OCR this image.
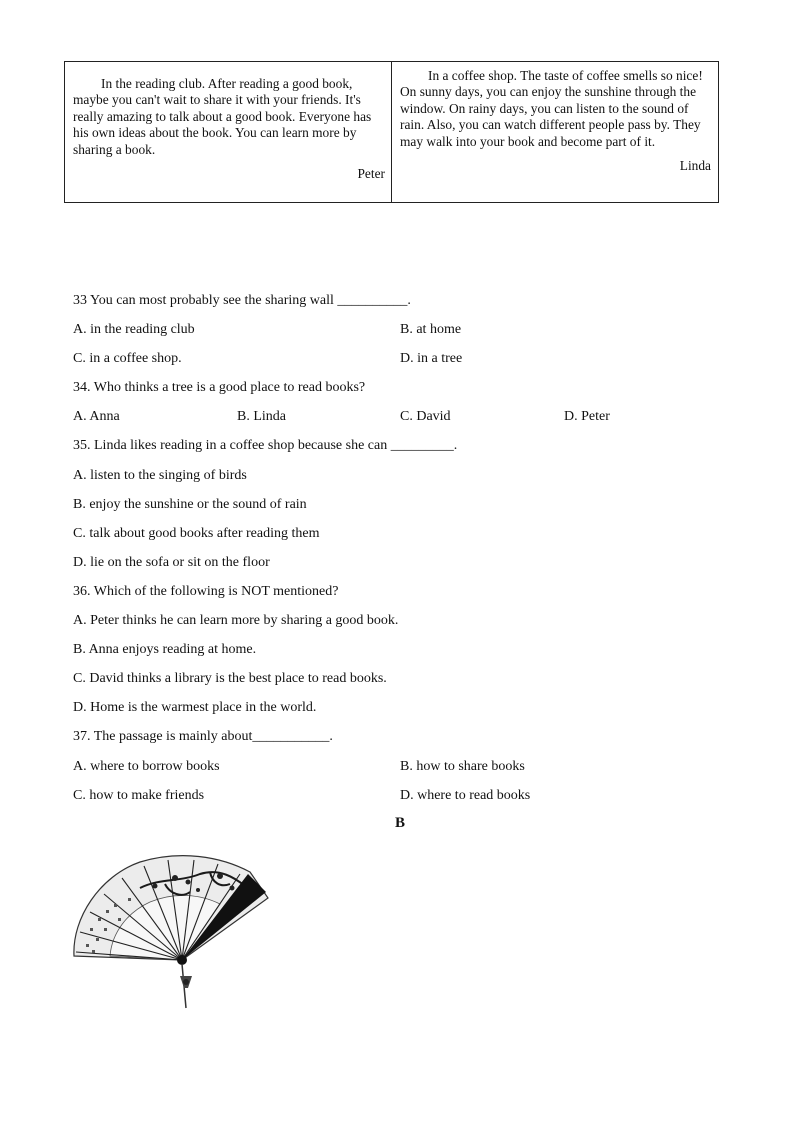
In the reading club. After reading a good book, maybe you can't wait to share it with your friends. It's really amazing to talk about a good book. Everyone has his own ideas about the book. You can learn more by sharing a book.

Peter

In a coffee shop. The taste of coffee smells so nice! On sunny days, you can enjoy the sunshine through the window. On rainy days, you can listen to the sound of rain. Also, you can watch different people pass by. They may walk into your book and become part of it.

Linda
33 You can most probably see the sharing wall __________.
A. in the reading club	B. at home
C. in a coffee shop.	D. in a tree
34. Who thinks a tree is a good place to read books?
A. Anna	B. Linda	C. David	D. Peter
35. Linda likes reading in a coffee shop because she can _________.
A. listen to the singing of birds
B. enjoy the sunshine or the sound of rain
C. talk about good books after reading them
D. lie on the sofa or sit on the floor
36. Which of the following is NOT mentioned?
A. Peter thinks he can learn more by sharing a good book.
B. Anna enjoys reading at home.
C. David thinks a library is the best place to read books.
D. Home is the warmest place in the world.
37. The passage is mainly about___________.
A. where to borrow books	B. how to share books
C. how to make friends	D. where to read books
B
